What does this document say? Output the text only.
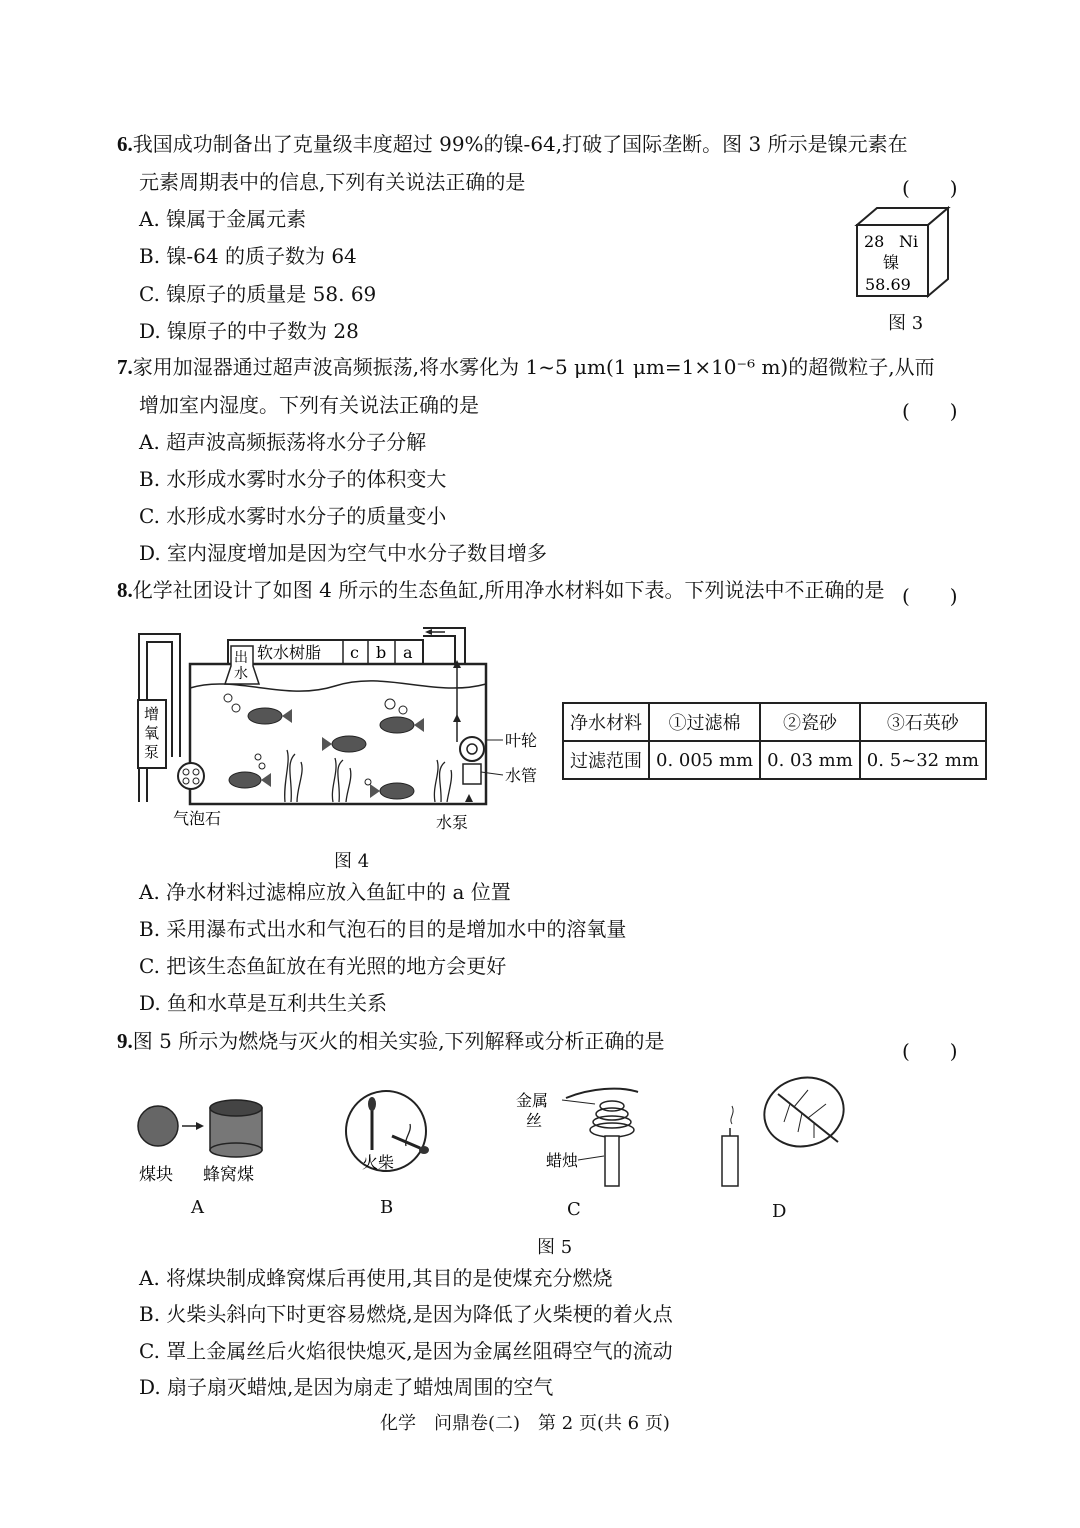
6.我国成功制备出了克量级丰度超过 99%的镍-64,打破了国际垄断。图 3 所示是镍元素在
元素周期表中的信息,下列有关说法正确的是	(　　)
A. 镍属于金属元素
B. 镍-64 的质子数为 64
C. 镍原子的质量是 58. 69
D. 镍原子的中子数为 28
28 Ni
镍
58.69
图 3
7.家用加湿器通过超声波高频振荡,将水雾化为 1~5 μm(1 μm=1×10⁻⁶ m)的超微粒子,从而
增加室内湿度。下列有关说法正确的是	(　　)
A. 超声波高频振荡将水分子分解
B. 水形成水雾时水分子的体积变大
C. 水形成水雾时水分子的质量变小
D. 室内湿度增加是因为空气中水分子数目增多
8.化学社团设计了如图 4 所示的生态鱼缸,所用净水材料如下表。下列说法中不正确的是 (　　)
软水树脂 c b a
出
水
增
氧
泵
叶轮
水管
气泡石	水泵
净水材料	①过滤棉	②瓷砂	③石英砂
过滤范围	0. 005 mm	0. 03 mm	0. 5~32 mm
图 4
A. 净水材料过滤棉应放入鱼缸中的 a 位置
B. 采用瀑布式出水和气泡石的目的是增加水中的溶氧量
C. 把该生态鱼缸放在有光照的地方会更好
D. 鱼和水草是互利共生关系
9.图 5 所示为燃烧与灭火的相关实验,下列解释或分析正确的是	(　　)
煤块 蜂窝煤
火柴
金属
丝
蜡烛
A	B	C	D
图 5
A. 将煤块制成蜂窝煤后再使用,其目的是使煤充分燃烧
B. 火柴头斜向下时更容易燃烧,是因为降低了火柴梗的着火点
C. 罩上金属丝后火焰很快熄灭,是因为金属丝阻碍空气的流动
D. 扇子扇灭蜡烛,是因为扇走了蜡烛周围的空气
化学　问鼎卷(二)　第 2 页(共 6 页)
